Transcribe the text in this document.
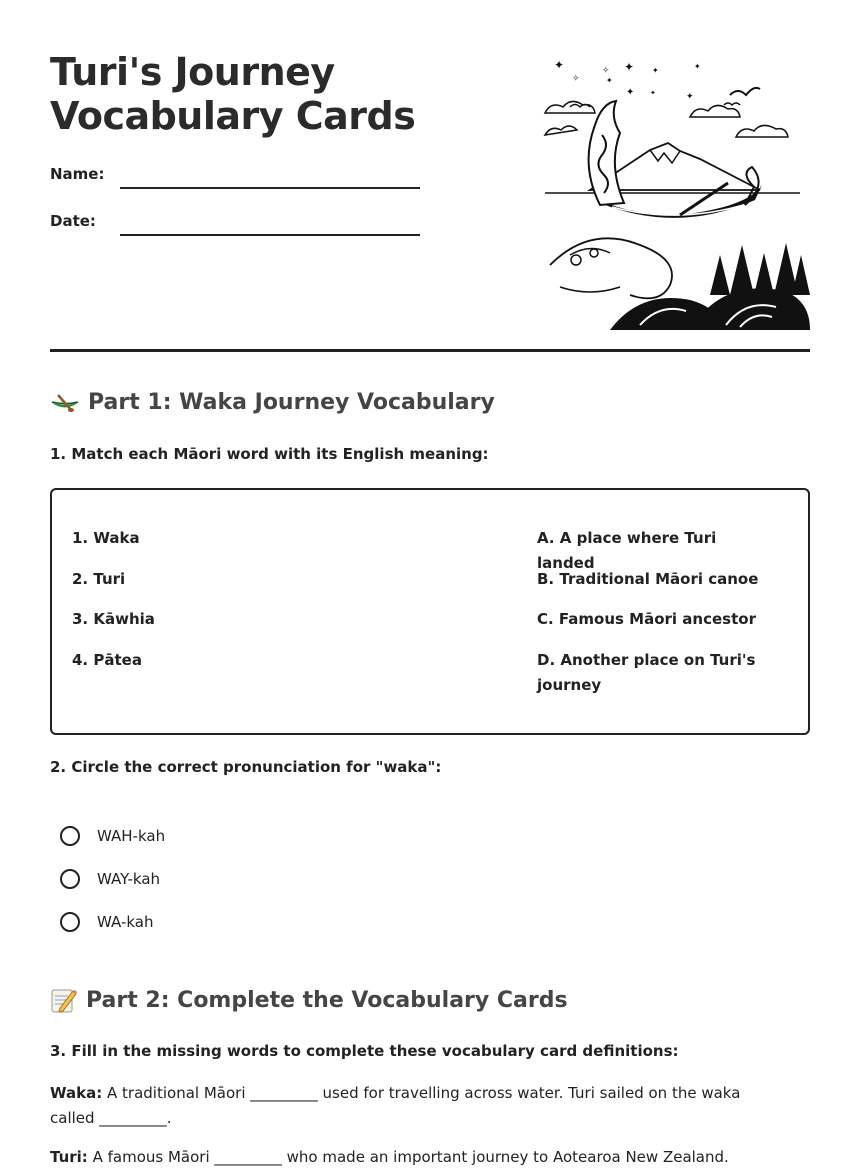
Turi's Journey
Vocabulary Cards
Name:
Date:
✦
✧
✧ ✦
✦
✦
✦
✦
✦
✦
Part 1: Waka Journey Vocabulary

1. Match each Māori word with its English meaning:

1. Waka
2. Turi
3. Kāwhia
4. Pātea
A. A place where Turi landed
B. Traditional Māori canoe
C. Famous Māori ancestor
D. Another place on Turi's journey

2. Circle the correct pronunciation for "waka":

WAH-kah
WAY-kah
WA-kah
Part 2: Complete the Vocabulary Cards

3. Fill in the missing words to complete these vocabulary card definitions:

Waka: A traditional Māori _________ used for travelling across water. Turi sailed on the waka called _________.

Turi: A famous Māori _________ who made an important journey to Aotearoa New Zealand.
